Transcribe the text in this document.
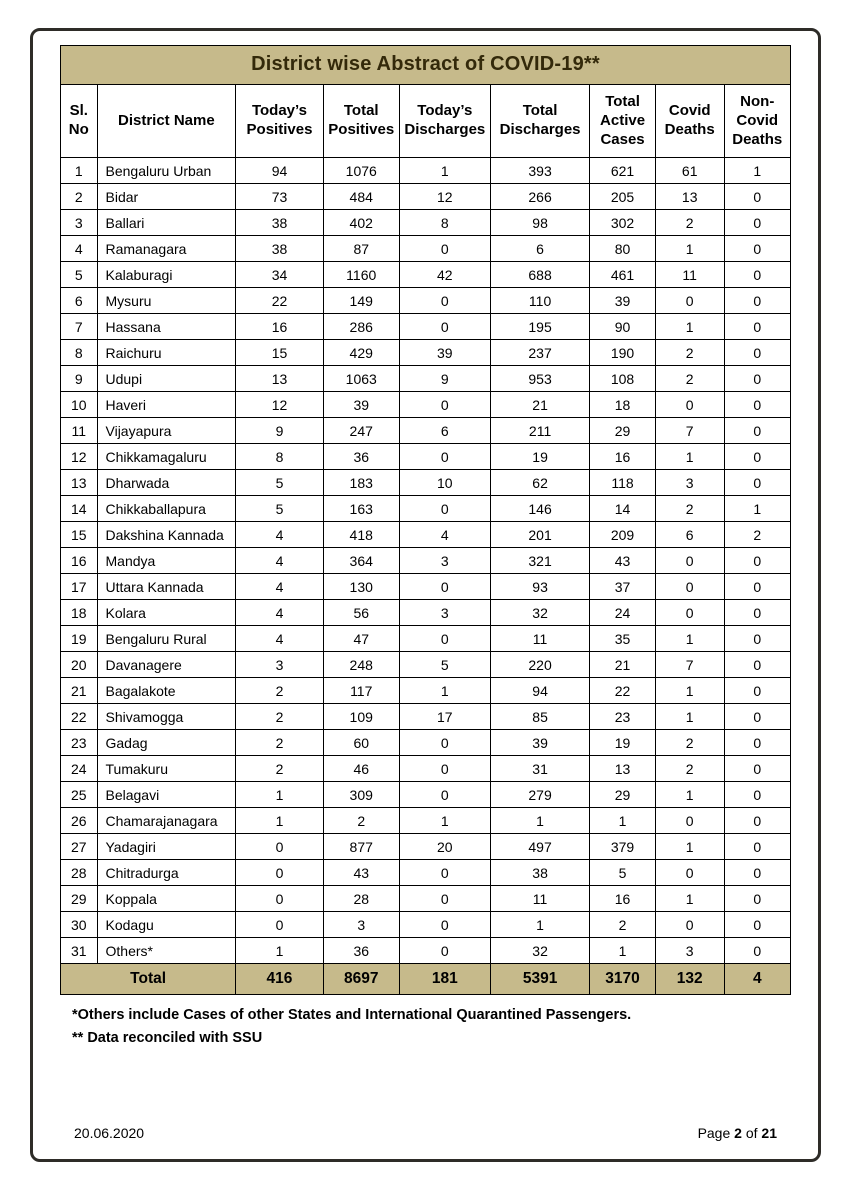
District wise Abstract of COVID-19**
Sl. No	District Name	Today’s Positives	Total Positives	Today’s Discharges	Total Discharges	Total Active Cases	Covid Deaths	Non-Covid Deaths
1	Bengaluru Urban	94	1076	1	393	621	61	1
2	Bidar	73	484	12	266	205	13	0
3	Ballari	38	402	8	98	302	2	0
4	Ramanagara	38	87	0	6	80	1	0
5	Kalaburagi	34	1160	42	688	461	11	0
6	Mysuru	22	149	0	110	39	0	0
7	Hassana	16	286	0	195	90	1	0
8	Raichuru	15	429	39	237	190	2	0
9	Udupi	13	1063	9	953	108	2	0
10	Haveri	12	39	0	21	18	0	0
11	Vijayapura	9	247	6	211	29	7	0
12	Chikkamagaluru	8	36	0	19	16	1	0
13	Dharwada	5	183	10	62	118	3	0
14	Chikkaballapura	5	163	0	146	14	2	1
15	Dakshina Kannada	4	418	4	201	209	6	2
16	Mandya	4	364	3	321	43	0	0
17	Uttara Kannada	4	130	0	93	37	0	0
18	Kolara	4	56	3	32	24	0	0
19	Bengaluru Rural	4	47	0	11	35	1	0
20	Davanagere	3	248	5	220	21	7	0
21	Bagalakote	2	117	1	94	22	1	0
22	Shivamogga	2	109	17	85	23	1	0
23	Gadag	2	60	0	39	19	2	0
24	Tumakuru	2	46	0	31	13	2	0
25	Belagavi	1	309	0	279	29	1	0
26	Chamarajanagara	1	2	1	1	1	0	0
27	Yadagiri	0	877	20	497	379	1	0
28	Chitradurga	0	43	0	38	5	0	0
29	Koppala	0	28	0	11	16	1	0
30	Kodagu	0	3	0	1	2	0	0
31	Others*	1	36	0	32	1	3	0
Total		416	8697	181	5391	3170	132	4
*Others include Cases of other States and International Quarantined Passengers.
** Data reconciled with SSU
20.06.2020	Page 2 of 21
